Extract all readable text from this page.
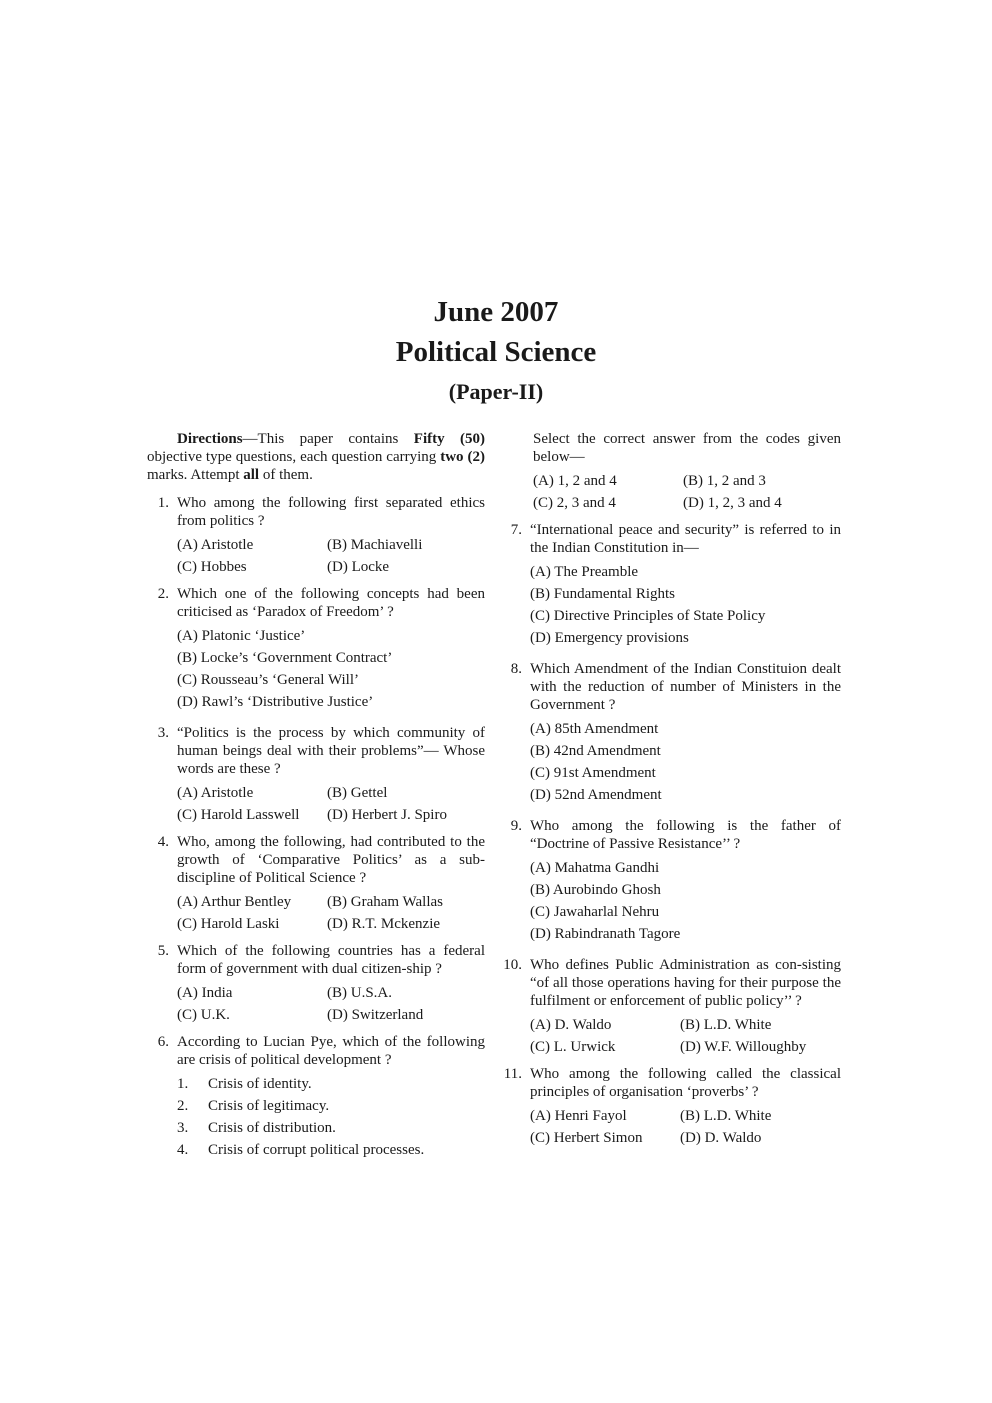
June 2007
Political Science
(Paper-II)
Directions—This paper contains Fifty (50) objective type questions, each question carrying two (2) marks. Attempt all of them.
1. Who among the following first separated ethics from politics ?
(A) Aristotle	(B) Machiavelli
(C) Hobbes	(D) Locke
2. Which one of the following concepts had been criticised as ‘Paradox of Freedom’ ?
(A) Platonic ‘Justice’
(B) Locke’s ‘Government Contract’
(C) Rousseau’s ‘General Will’
(D) Rawl’s ‘Distributive Justice’
3. “Politics is the process by which community of human beings deal with their problems”— Whose words are these ?
(A) Aristotle	(B) Gettel
(C) Harold Lasswell	(D) Herbert J. Spiro
4. Who, among the following, had contributed to the growth of ‘Comparative Politics’ as a sub-discipline of Political Science ?
(A) Arthur Bentley	(B) Graham Wallas
(C) Harold Laski	(D) R.T. Mckenzie
5. Which of the following countries has a federal form of government with dual citizen-ship ?
(A) India	(B) U.S.A.
(C) U.K.	(D) Switzerland
6. According to Lucian Pye, which of the following are crisis of political development ?
1.	Crisis of identity.
2.	Crisis of legitimacy.
3.	Crisis of distribution.
4.	Crisis of corrupt political processes.
Select the correct answer from the codes given below—
(A) 1, 2 and 4	(B) 1, 2 and 3
(C) 2, 3 and 4	(D) 1, 2, 3 and 4
7. “International peace and security” is referred to in the Indian Constitution in—
(A) The Preamble
(B) Fundamental Rights
(C) Directive Principles of State Policy
(D) Emergency provisions
8. Which Amendment of the Indian Constituion dealt with the reduction of number of Ministers in the Government ?
(A) 85th Amendment
(B) 42nd Amendment
(C) 91st Amendment
(D) 52nd Amendment
9. Who among the following is the father of “Doctrine of Passive Resistance’’ ?
(A) Mahatma Gandhi
(B) Aurobindo Ghosh
(C) Jawaharlal Nehru
(D) Rabindranath Tagore
10. Who defines Public Administration as con-sisting “of all those operations having for their purpose the fulfilment or enforcement of public policy’’ ?
(A) D. Waldo	(B) L.D. White
(C) L. Urwick	(D) W.F. Willoughby
11. Who among the following called the classical principles of organisation ‘proverbs’ ?
(A) Henri Fayol	(B) L.D. White
(C) Herbert Simon	(D) D. Waldo
